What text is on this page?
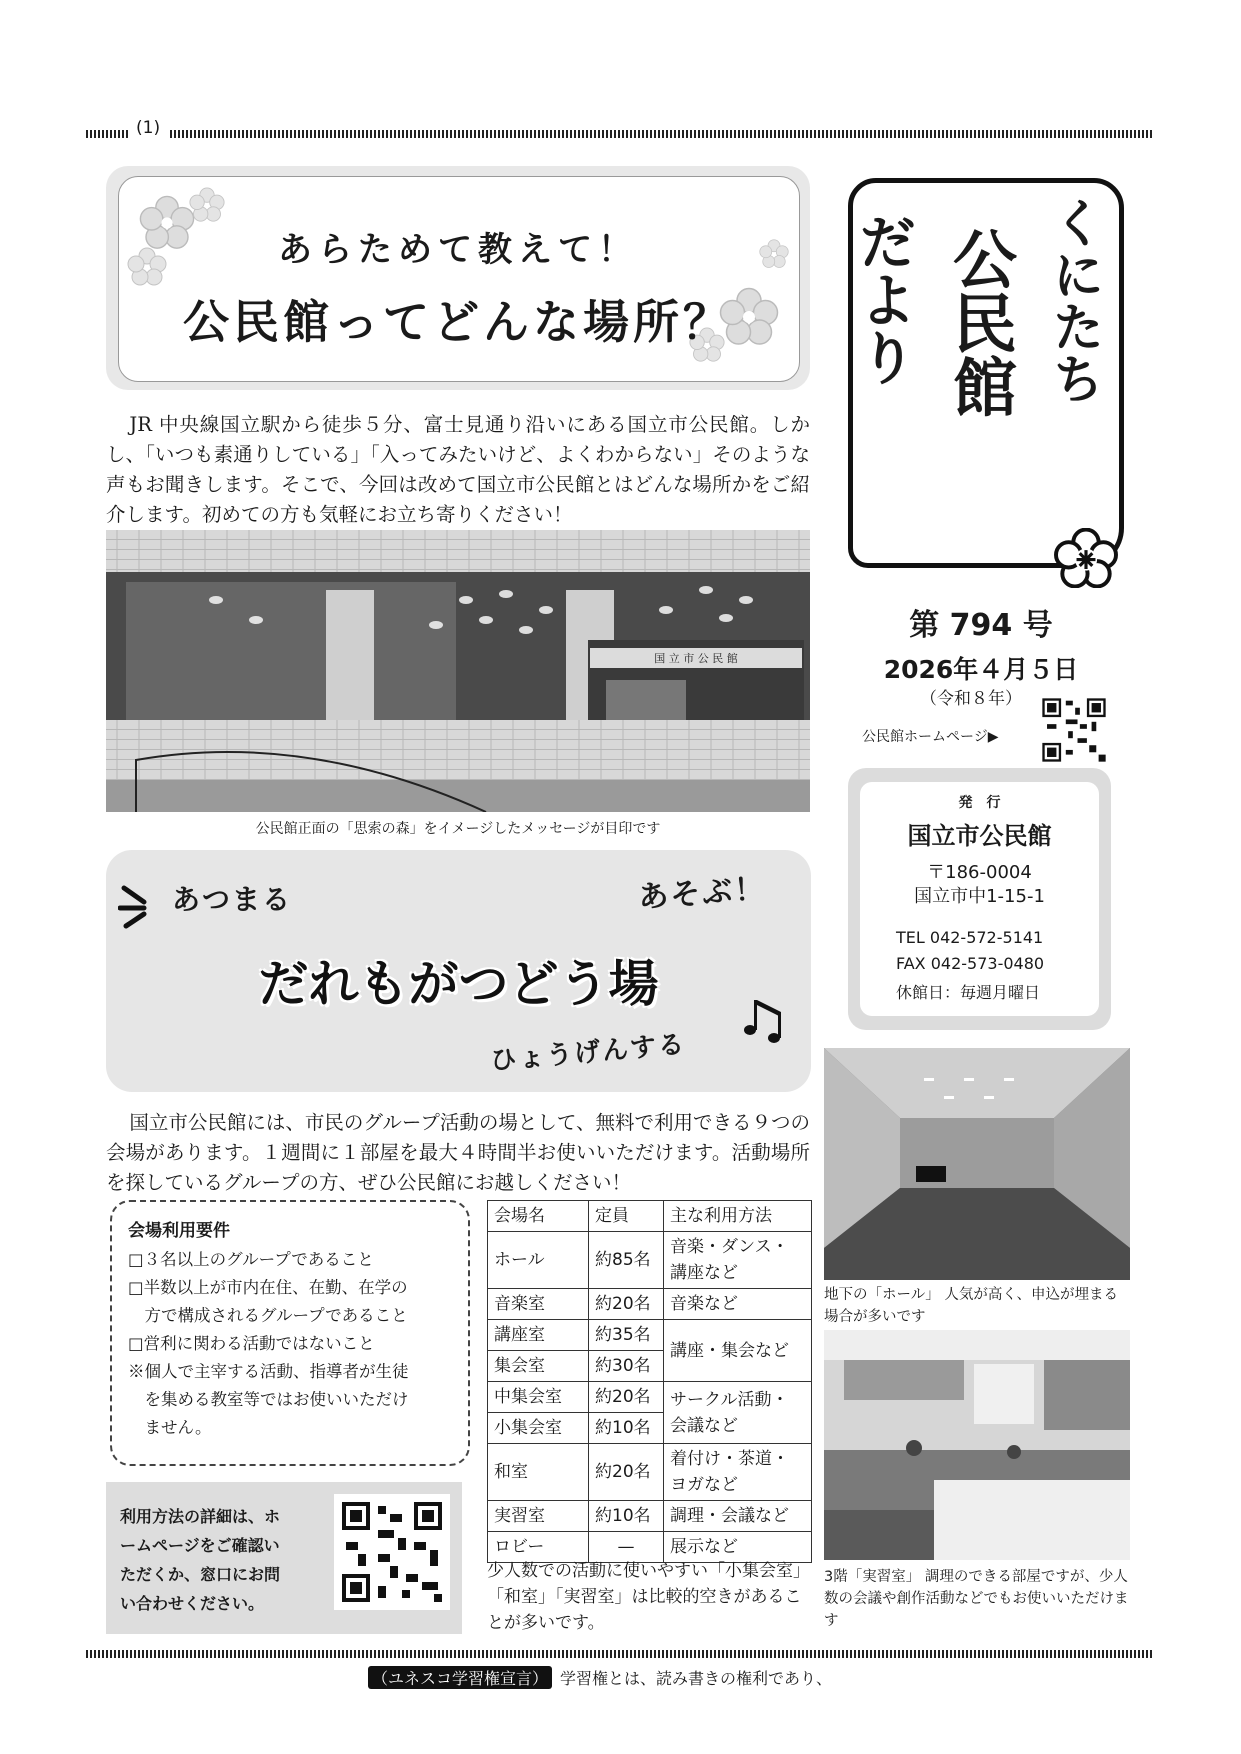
(1)
あらためて教えて！
公民館ってどんな場所？
JR 中央線国立駅から徒歩５分、富士見通り沿いにある国立市公民館。しかし、「いつも素通りしている」「入ってみたいけど、よくわからない」そのような声もお聞きします。そこで、今回は改めて国立市公民館とはどんな場所かをご紹介します。初めての方も気軽にお立ち寄りください！
国 立 市 公 民 館
公民館正面の「思索の森」をイメージしたメッセージが目印です
あつまる	あそぶ！
だれもがつどう場
ひょうげんする
国立市公民館には、市民のグループ活動の場として、無料で利用できる９つの会場があります。１週間に１部屋を最大４時間半お使いいただけます。活動場所を探しているグループの方、ぜひ公民館にお越しください！
会場利用要件
□３名以上のグループであること
□半数以上が市内在住、在勤、在学の
方で構成されるグループであること
□営利に関わる活動ではないこと
※個人で主宰する活動、指導者が生徒
を集める教室等ではお使いいただけ
ません。
利用方法の詳細は、ホ
ームページをご確認い
ただくか、窓口にお問
い合わせください。
会場名	定員	主な利用方法
ホール	約85名	音楽・ダンス・講座など
音楽室	約20名	音楽など
講座室	約35名	講座・集会など
集会室	約30名	
中集会室	約20名	サークル活動・会議など
小集会室	約10名	
和室	約20名	着付け・茶道・ヨガなど
実習室	約10名	調理・会議など
ロビー	—	展示など
少人数での活動に使いやすい「小集会室」「和室」「実習室」は比較的空きがあることが多いです。
くにたち
公民館
だより
第 794 号
2026年４月５日
（令和８年）
公民館ホームページ▶
発　行
国立市公民館
〒186-0004
国立市中1-15-1
TEL 042-572-5141
FAX 042-573-0480
休館日：毎週月曜日
地下の「ホール」 人気が高く、申込が埋まる場合が多いです
3階「実習室」 調理のできる部屋ですが、少人数の会議や創作活動などでもお使いいただけます
（ユネスコ学習権宣言） 学習権とは、読み書きの権利であり、
